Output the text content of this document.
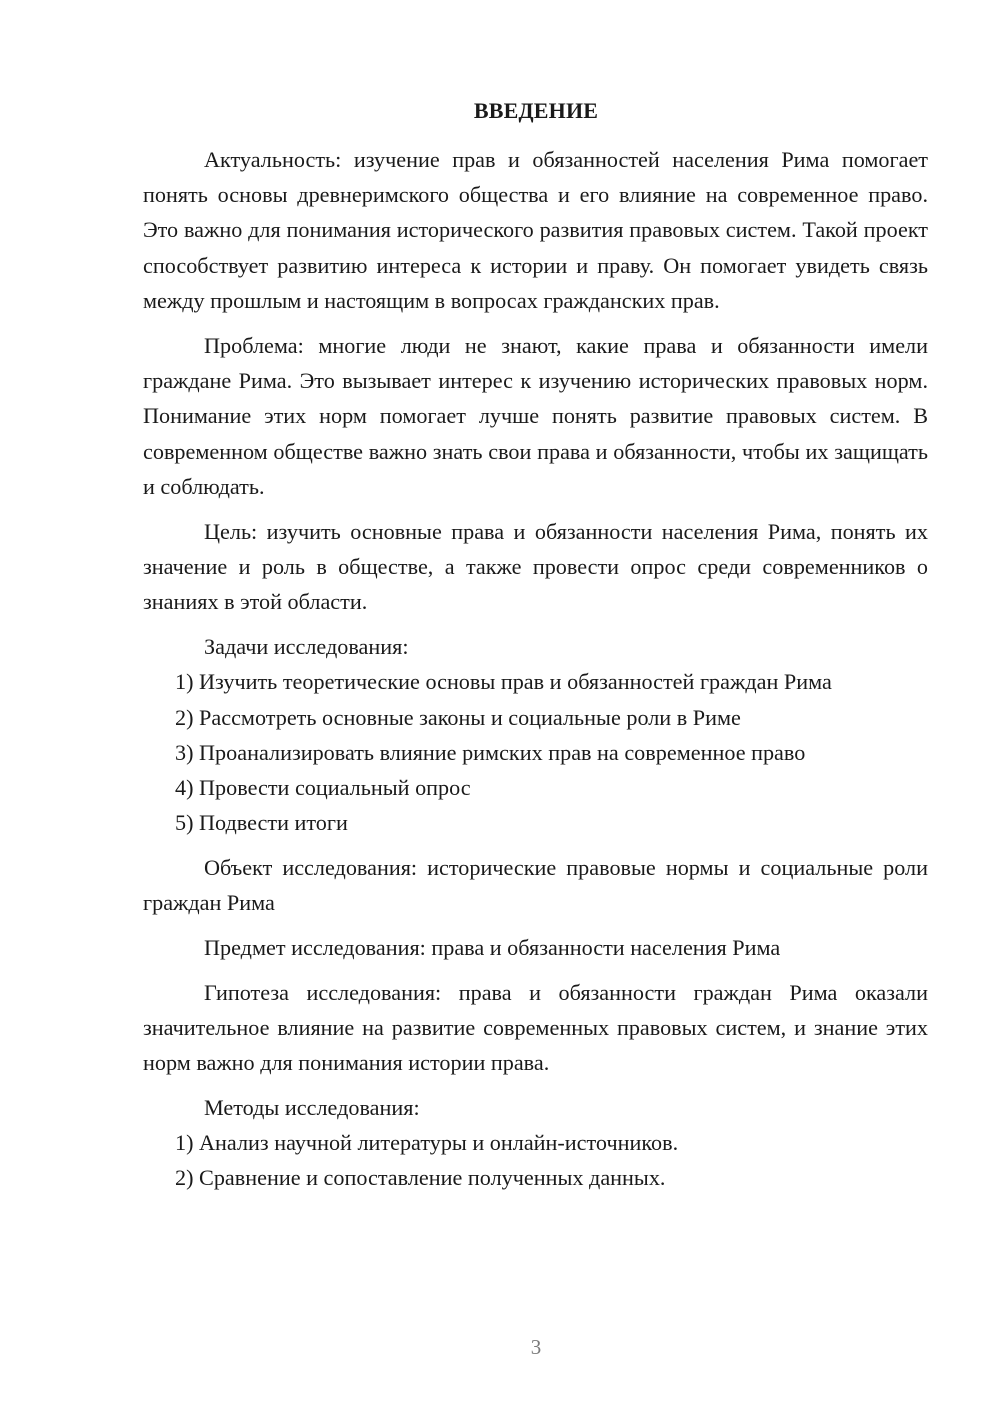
ВВЕДЕНИЕ

Актуальность: изучение прав и обязанностей населения Рима помогает понять основы древнеримского общества и его влияние на современное право. Это важно для понимания исторического развития правовых систем. Такой проект способствует развитию интереса к истории и праву. Он помогает увидеть связь между прошлым и настоящим в вопросах гражданских прав.

Проблема: многие люди не знают, какие права и обязанности имели граждане Рима. Это вызывает интерес к изучению исторических правовых норм. Понимание этих норм помогает лучше понять развитие правовых систем. В современном обществе важно знать свои права и обязанности, чтобы их защищать и соблюдать.

Цель: изучить основные права и обязанности населения Рима, понять их значение и роль в обществе, а также провести опрос среди современников о знаниях в этой области.

Задачи исследования:

1) Изучить теоретические основы прав и обязанностей граждан Рима

2) Рассмотреть основные законы и социальные роли в Риме

3) Проанализировать влияние римских прав на современное право

4) Провести социальный опрос

5) Подвести итоги

Объект исследования: исторические правовые нормы и социальные роли граждан Рима

Предмет исследования: права и обязанности населения Рима

Гипотеза исследования: права и обязанности граждан Рима оказали значительное влияние на развитие современных правовых систем, и знание этих норм важно для понимания истории права.

Методы исследования:

1) Анализ научной литературы и онлайн-источников.

2) Сравнение и сопоставление полученных данных.

3
